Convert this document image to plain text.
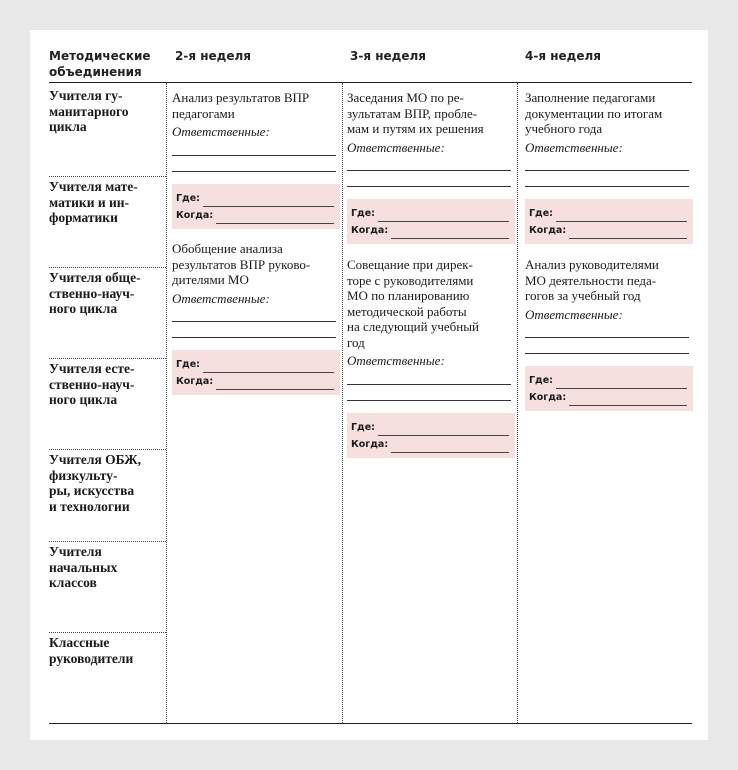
Методические
объединения
2-я неделя	3-я неделя	4-я неделя
Учителя гу-
манитарного
цикла
Учителя мате-
матики и ин-
форматики
Учителя обще-
ственно-науч-
ного цикла
Учителя есте-
ственно-науч-
ного цикла
Учителя ОБЖ,
физкульту-
ры, искусства
и технологии
Учителя
начальных
классов
Классные
руководители

Анализ результатов ВПР
педагогами

Ответственные:

Где:
Когда:

Обобщение анализа
результатов ВПР руково-
дителями МО

Ответственные:

Где:
Когда:

Заседания МО по ре-
зультатам ВПР, пробле-
мам и путям их решения

Ответственные:

Где:
Когда:

Совещание при дирек-
торе с руководителями
МО по планированию
методической работы
на следующий учебный
год

Ответственные:

Где:
Когда:

Заполнение педагогами
документации по итогам
учебного года

Ответственные:

Где:
Когда:

Анализ руководителями
МО деятельности педа-
гогов за учебный год

Ответственные:

Где:
Когда:
